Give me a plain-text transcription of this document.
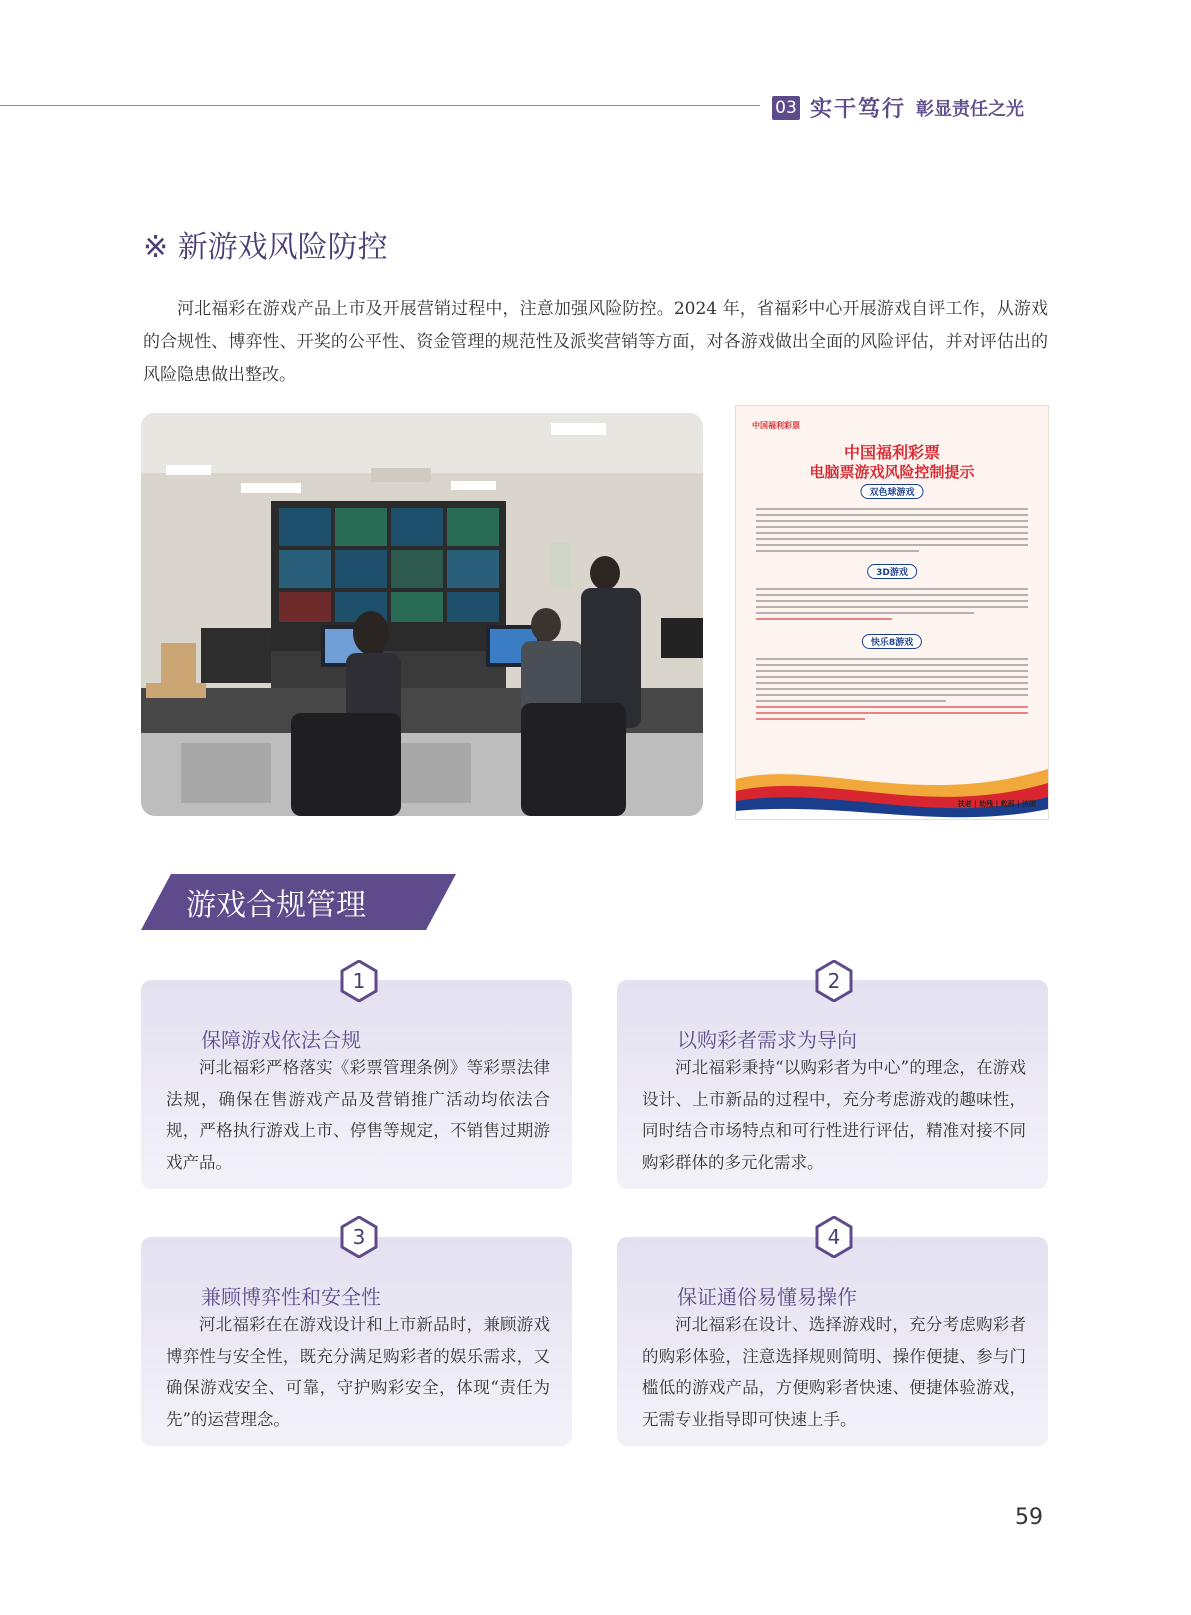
03 实干笃行 彰显责任之光
※ 新游戏风险防控

河北福彩在游戏产品上市及开展营销过程中，注意加强风险防控。2024 年，省福彩中心开展游戏自评工作，从游戏的合规性、博弈性、开奖的公平性、资金管理的规范性及派奖营销等方面，对各游戏做出全面的风险评估，并对评估出的风险隐患做出整改。

中国福利彩票
中国福利彩票
电脑票游戏风险控制提示
双色球游戏
3D游戏
快乐8游戏
扶老 | 助残 | 救孤 | 济困
游戏合规管理
保障游戏依法合规

河北福彩严格落实《彩票管理条例》等彩票法律法规，确保在售游戏产品及营销推广活动均依法合规，严格执行游戏上市、停售等规定，不销售过期游戏产品。

1
以购彩者需求为导向

河北福彩秉持“以购彩者为中心”的理念，在游戏设计、上市新品的过程中，充分考虑游戏的趣味性，同时结合市场特点和可行性进行评估，精准对接不同购彩群体的多元化需求。

2
兼顾博弈性和安全性

河北福彩在在游戏设计和上市新品时，兼顾游戏博弈性与安全性，既充分满足购彩者的娱乐需求，又确保游戏安全、可靠，守护购彩安全，体现“责任为先”的运营理念。

3
保证通俗易懂易操作

河北福彩在设计、选择游戏时，充分考虑购彩者的购彩体验，注意选择规则简明、操作便捷、参与门槛低的游戏产品，方便购彩者快速、便捷体验游戏，无需专业指导即可快速上手。

4
59
